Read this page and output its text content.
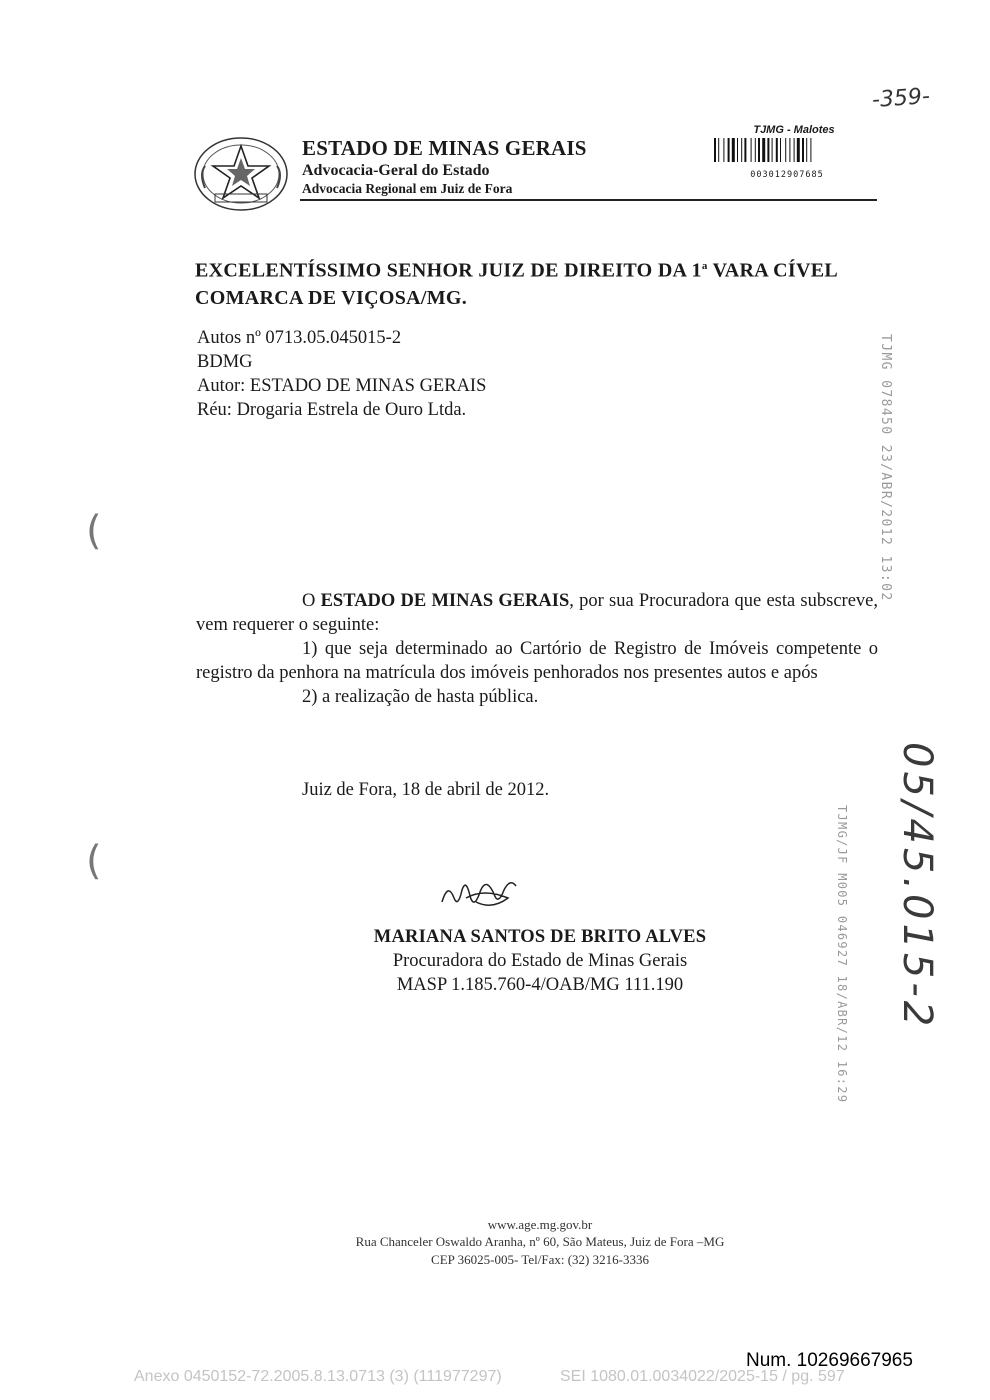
ESTADO DE MINAS GERAIS
Advocacia-Geral do Estado
Advocacia Regional em Juiz de Fora
TJMG - Malotes
003012907685
-359-
EXCELENTÍSSIMO SENHOR JUIZ DE DIREITO DA 1$^a$ VARA CÍVEL
COMARCA DE VIÇOSA/MG.
Autos nº 0713.05.045015-2
BDMG
Autor: ESTADO DE MINAS GERAIS
Réu: Drogaria Estrela de Ouro Ltda.

O ESTADO DE MINAS GERAIS, por sua Procuradora que esta subscreve, vem requerer o seguinte:

1) que seja determinado ao Cartório de Registro de Imóveis competente o registro da penhora na matrícula dos imóveis penhorados nos presentes autos e após

2) a realização de hasta pública.

Juiz de Fora, 18 de abril de 2012.
MARIANA SANTOS DE BRITO ALVES
Procuradora do Estado de Minas Gerais
MASP 1.185.760-4/OAB/MG 111.190
www.age.mg.gov.br
Rua Chanceler Oswaldo Aranha, nº 60, São Mateus, Juiz de Fora –MG
CEP 36025-005- Tel/Fax: (32) 3216-3336
TJMG 078450 23/ABR/2012 13:02
TJMG/JF M005 046927 18/ABR/12 16:29 05/45.015-2
(
(
Num. 10269667965
Anexo 0450152-72.2005.8.13.0713 (3) (111977297)	SEI 1080.01.0034022/2025-15 / pg. 597
